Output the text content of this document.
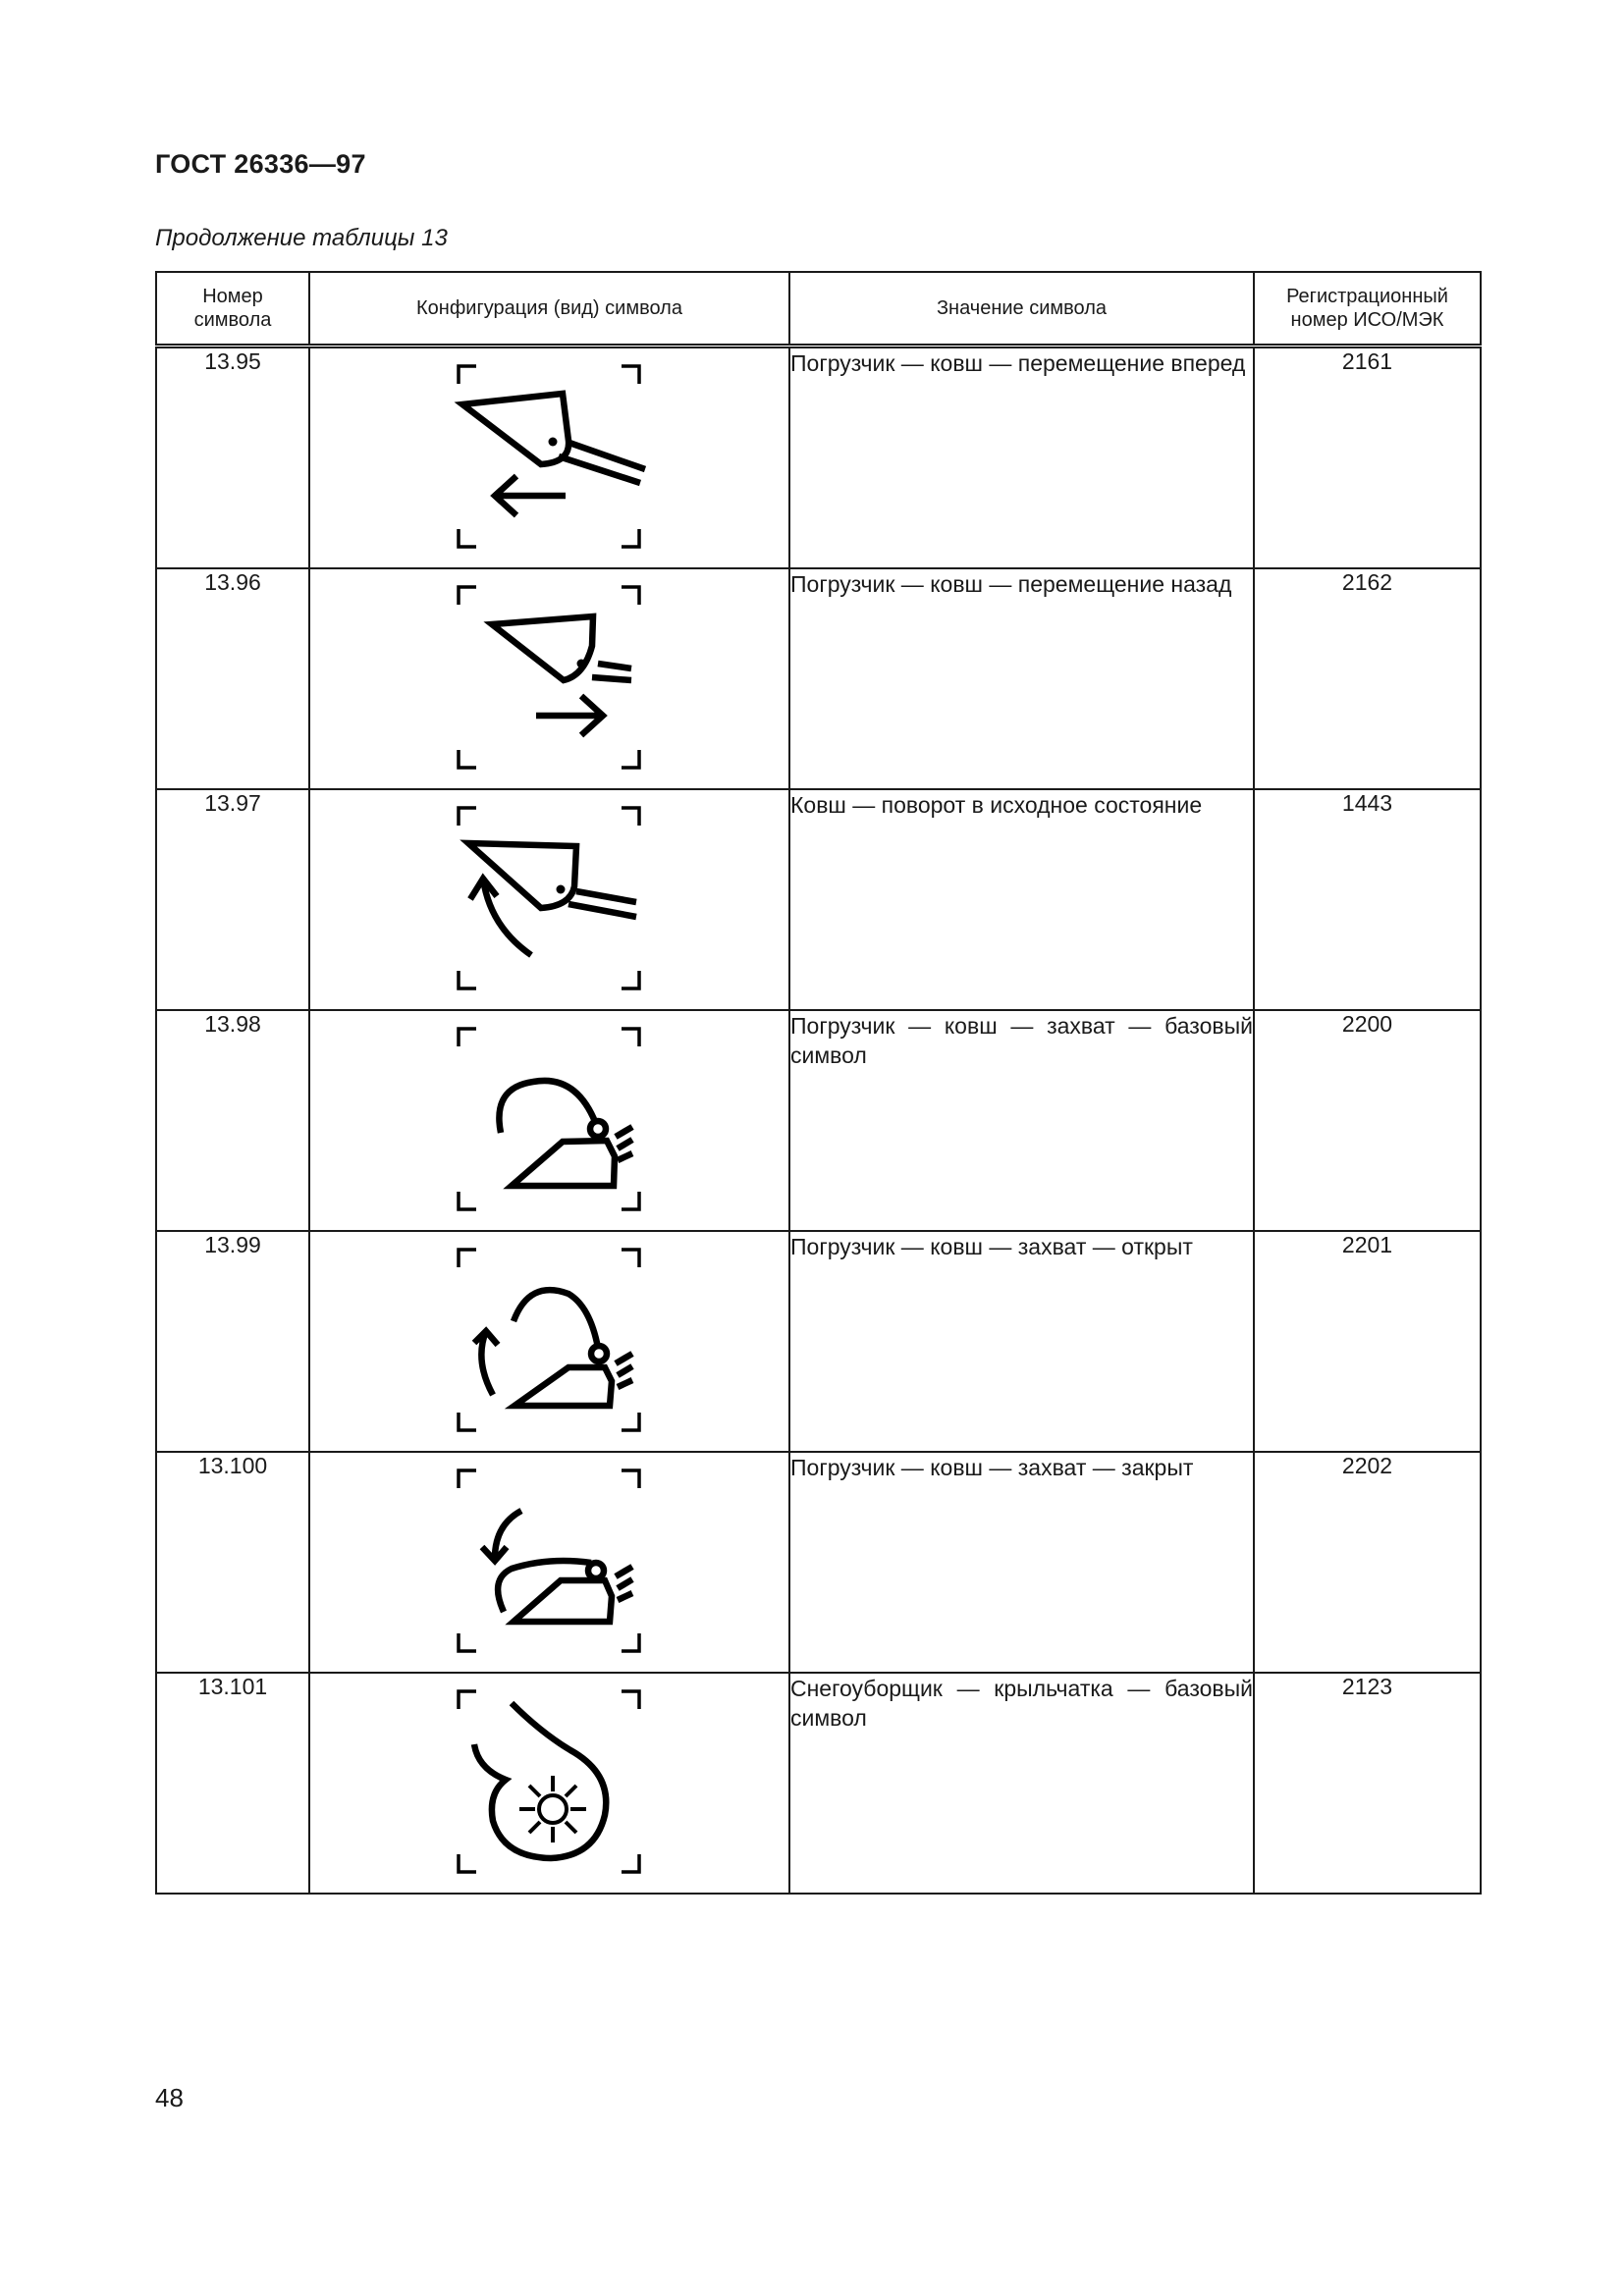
ГОСТ 26336—97
Продолжение таблицы 13
Номер символа	Конфигурация (вид) символа	Значение символа	Регистрационный номер ИСО/МЭК
13.95		Погрузчик — ковш — перемещение вперед	2161
13.96		Погрузчик — ковш — перемещение назад	2162
13.97		Ковш — поворот в исходное состояние	1443
13.98		Погрузчик — ковш — захват — базовый символ	2200
13.99		Погрузчик — ковш — захват — открыт	2201
13.100		Погрузчик — ковш — захват — закрыт	2202
13.101		Снегоуборщик — крыльчатка — базовый символ	2123
48
